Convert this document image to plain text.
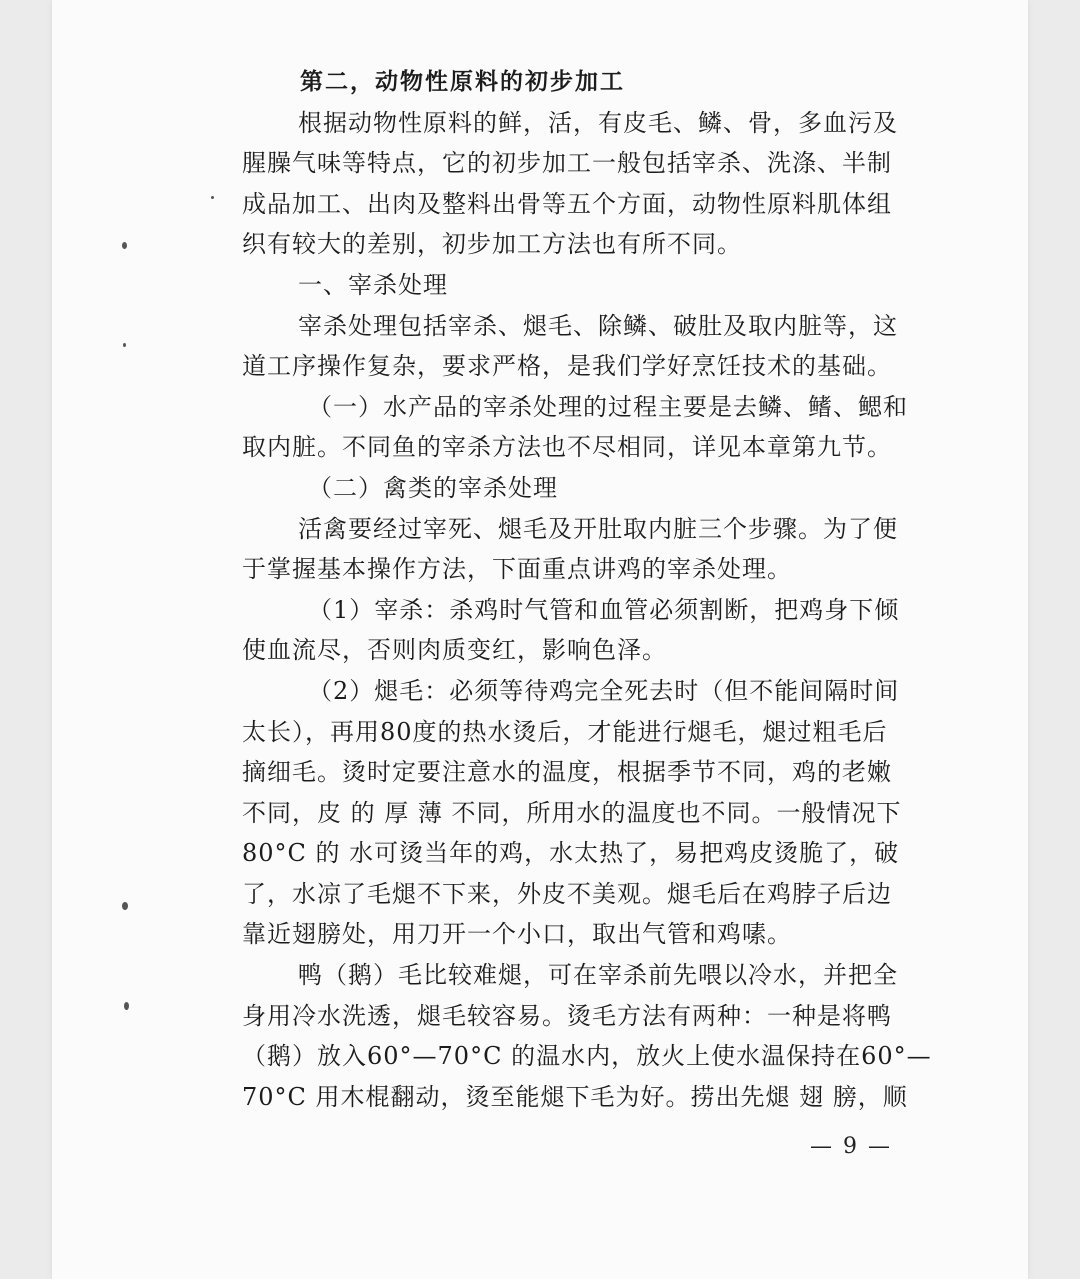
第二，动物性原料的初步加工
根据动物性原料的鲜，活，有皮毛、鳞、骨，多血污及
腥臊气味等特点，它的初步加工一般包括宰杀、洗涤、半制
成品加工、出肉及整料出骨等五个方面，动物性原料肌体组
织有较大的差别，初步加工方法也有所不同。
一、宰杀处理
宰杀处理包括宰杀、煺毛、除鳞、破肚及取内脏等，这
道工序操作复杂，要求严格，是我们学好烹饪技术的基础。
（一）水产品的宰杀处理的过程主要是去鳞、鳍、鳃和
取内脏。不同鱼的宰杀方法也不尽相同，详见本章第九节。
（二）禽类的宰杀处理
活禽要经过宰死、煺毛及开肚取内脏三个步骤。为了便
于掌握基本操作方法，下面重点讲鸡的宰杀处理。
（1）宰杀：杀鸡时气管和血管必须割断，把鸡身下倾
使血流尽，否则肉质变红，影响色泽。
（2）煺毛：必须等待鸡完全死去时（但不能间隔时间
太长），再用80度的热水烫后，才能进行煺毛，煺过粗毛后
摘细毛。烫时定要注意水的温度，根据季节不同，鸡的老嫩
不同，皮 的 厚 薄 不同，所用水的温度也不同。一般情况下
80°C 的 水可烫当年的鸡，水太热了，易把鸡皮烫脆了，破
了，水凉了毛煺不下来，外皮不美观。煺毛后在鸡脖子后边
靠近翅膀处，用刀开一个小口，取出气管和鸡嗉。
鸭（鹅）毛比较难煺，可在宰杀前先喂以冷水，并把全
身用冷水洗透，煺毛较容易。烫毛方法有两种：一种是将鸭
（鹅）放入60°—70°C 的温水内，放火上使水温保持在60°—
70°C 用木棍翻动，烫至能煺下毛为好。捞出先煺 翅 膀，顺
— 9 —
